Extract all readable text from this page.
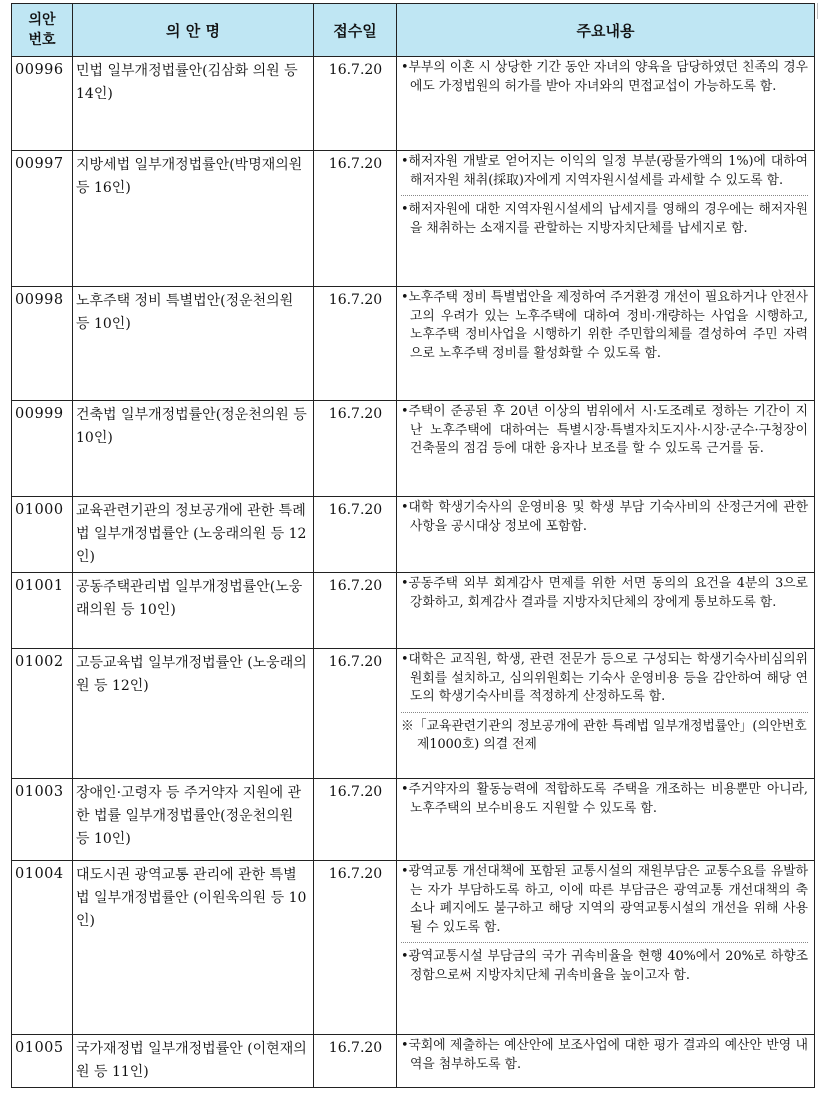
의안
번호	의 안 명	접수일	주요내용
00996	민법 일부개정법률안(김삼화 의원 등 14인)	16.7.20	•부부의 이혼 시 상당한 기간 동안 자녀의 양육을 담당하였던 친족의 경우에도 가정법원의 허가를 받아 자녀와의 면접교섭이 가능하도록 함.

00997	지방세법 일부개정법률안(박명재의원 등 16인)	16.7.20	•해저자원 개발로 얻어지는 이익의 일정 부분(광물가액의 1%)에 대하여 해저자원 채취(採取)자에게 지역자원시설세를 과세할 수 있도록 함.
•해저자원에 대한 지역자원시설세의 납세지를 영해의 경우에는 해저자원을 채취하는 소재지를 관할하는 지방자치단체를 납세지로 함.

00998	노후주택 정비 특별법안(정운천의원 등 10인)	16.7.20	•노후주택 정비 특별법안을 제정하여 주거환경 개선이 필요하거나 안전사고의 우려가 있는 노후주택에 대하여 정비·개량하는 사업을 시행하고, 노후주택 정비사업을 시행하기 위한 주민합의체를 결성하여 주민 자력으로 노후주택 정비를 활성화할 수 있도록 함.

00999	건축법 일부개정법률안(정운천의원 등 10인)	16.7.20	•주택이 준공된 후 20년 이상의 범위에서 시·도조례로 정하는 기간이 지난 노후주택에 대하여는 특별시장·특별자치도지사·시장·군수·구청장이 건축물의 점검 등에 대한 융자나 보조를 할 수 있도록 근거를 둠.

01000	교육관련기관의 정보공개에 관한 특례법 일부개정법률안 (노웅래의원 등 12인)	16.7.20	•대학 학생기숙사의 운영비용 및 학생 부담 기숙사비의 산정근거에 관한 사항을 공시대상 정보에 포함함.

01001	공동주택관리법 일부개정법률안(노웅래의원 등 10인)	16.7.20	•공동주택 외부 회계감사 면제를 위한 서면 동의의 요건을 4분의 3으로 강화하고, 회계감사 결과를 지방자치단체의 장에게 통보하도록 함.

01002	고등교육법 일부개정법률안 (노웅래의원 등 12인)	16.7.20	•대학은 교직원, 학생, 관련 전문가 등으로 구성되는 학생기숙사비심의위원회를 설치하고, 심의위원회는 기숙사 운영비용 등을 감안하여 해당 연도의 학생기숙사비를 적정하게 산정하도록 함.
※「교육관련기관의 정보공개에 관한 특례법 일부개정법률안」(의안번호 제1000호) 의결 전제

01003	장애인·고령자 등 주거약자 지원에 관한 법률 일부개정법률안(정운천의원 등 10인)	16.7.20	•주거약자의 활동능력에 적합하도록 주택을 개조하는 비용뿐만 아니라, 노후주택의 보수비용도 지원할 수 있도록 함.

01004	대도시권 광역교통 관리에 관한 특별법 일부개정법률안 (이원욱의원 등 10인)	16.7.20	•광역교통 개선대책에 포함된 교통시설의 재원부담은 교통수요를 유발하는 자가 부담하도록 하고, 이에 따른 부담금은 광역교통 개선대책의 축소나 폐지에도 불구하고 해당 지역의 광역교통시설의 개선을 위해 사용될 수 있도록 함.
•광역교통시설 부담금의 국가 귀속비율을 현행 40%에서 20%로 하향조정함으로써 지방자치단체 귀속비율을 높이고자 함.

01005	국가재정법 일부개정법률안 (이현재의원 등 11인)	16.7.20	•국회에 제출하는 예산안에 보조사업에 대한 평가 결과의 예산안 반영 내역을 첨부하도록 함.
